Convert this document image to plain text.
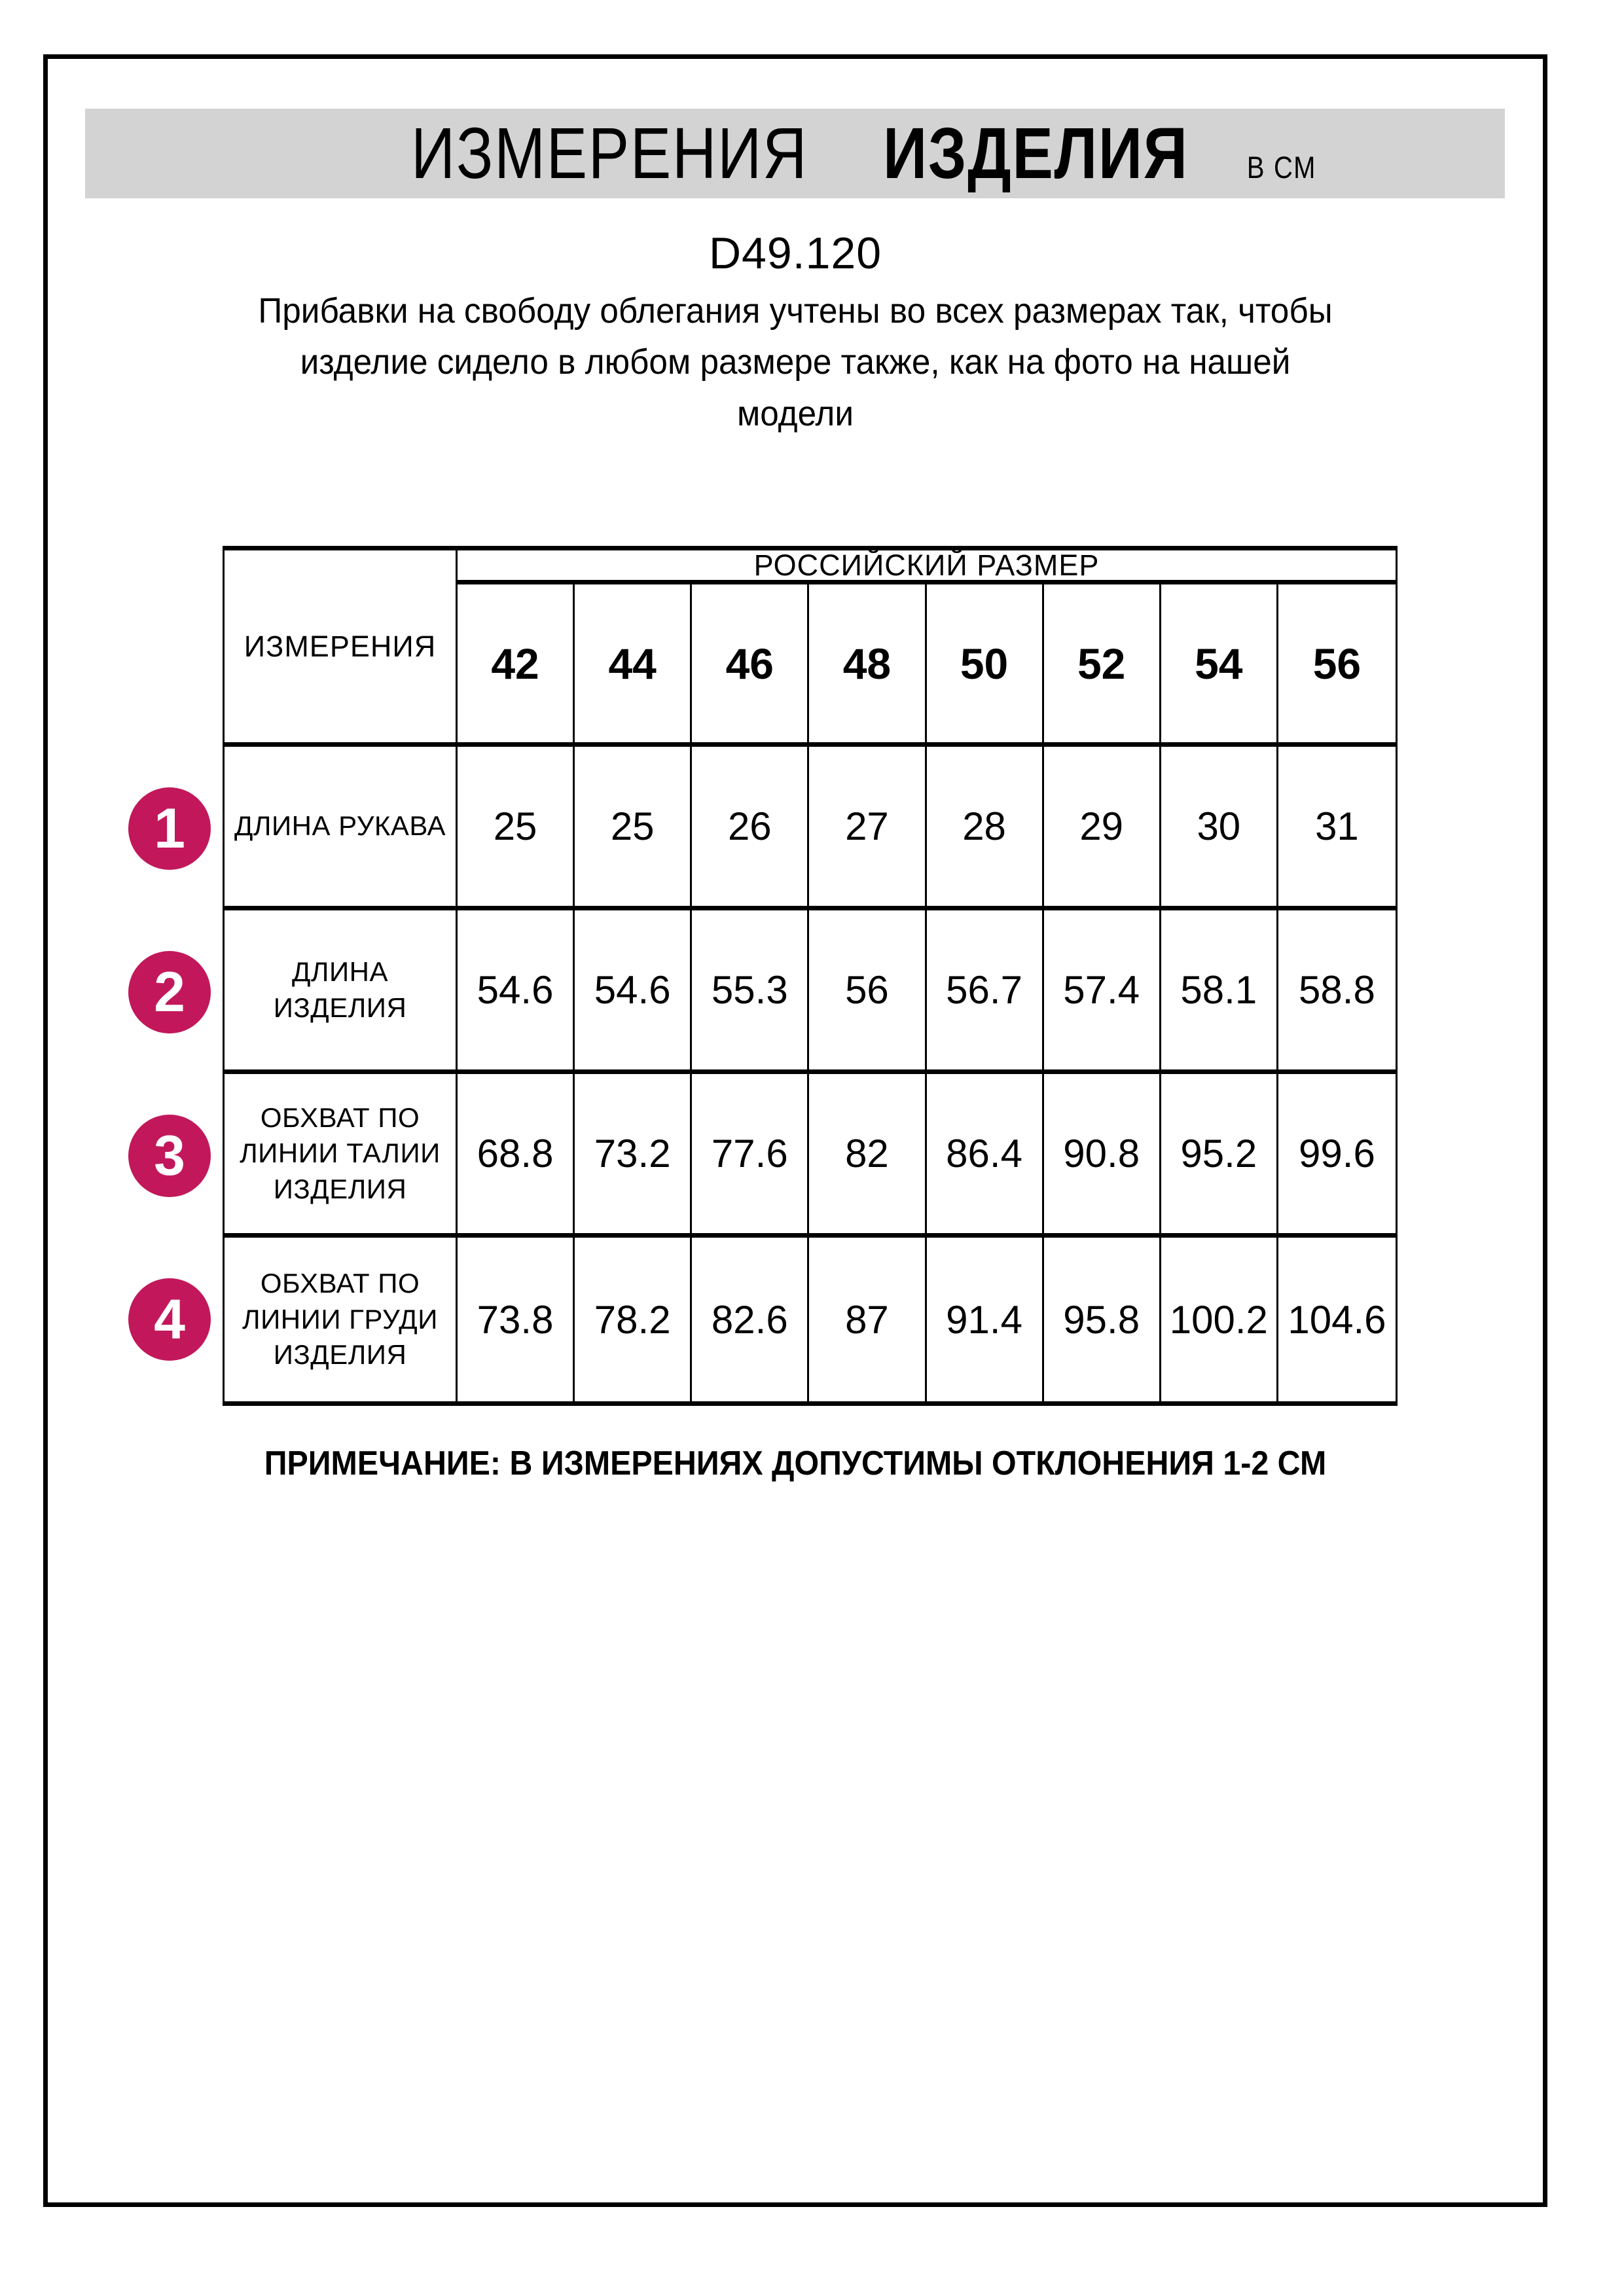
ИЗМЕРЕНИЯ ИЗДЕЛИЯ В СМ
D49.120
Прибавки на свободу облегания учтены во всех размерах так, чтобы
изделие сидело в любом размере также, как на фото на нашей
модели
ИЗМЕРЕНИЯ
РОССИЙСКИЙ РАЗМЕР
42	44	46	48	50	52	54	56
ДЛИНА РУКАВА	25	25	26	27	28	29	30	31
ДЛИНА
ИЗДЕЛИЯ	54.6	54.6	55.3	56	56.7	57.4	58.1	58.8
ОБХВАТ ПО
ЛИНИИ ТАЛИИ
ИЗДЕЛИЯ
68.8	73.2	77.6	82	86.4	90.8	95.2	99.6
ОБХВАТ ПО
ЛИНИИ ГРУДИ
ИЗДЕЛИЯ
73.8	78.2	82.6	87	91.4	95.8 100.2 104.6
1
2
3
4
ПРИМЕЧАНИЕ: В ИЗМЕРЕНИЯХ ДОПУСТИМЫ ОТКЛОНЕНИЯ 1-2 СМ
